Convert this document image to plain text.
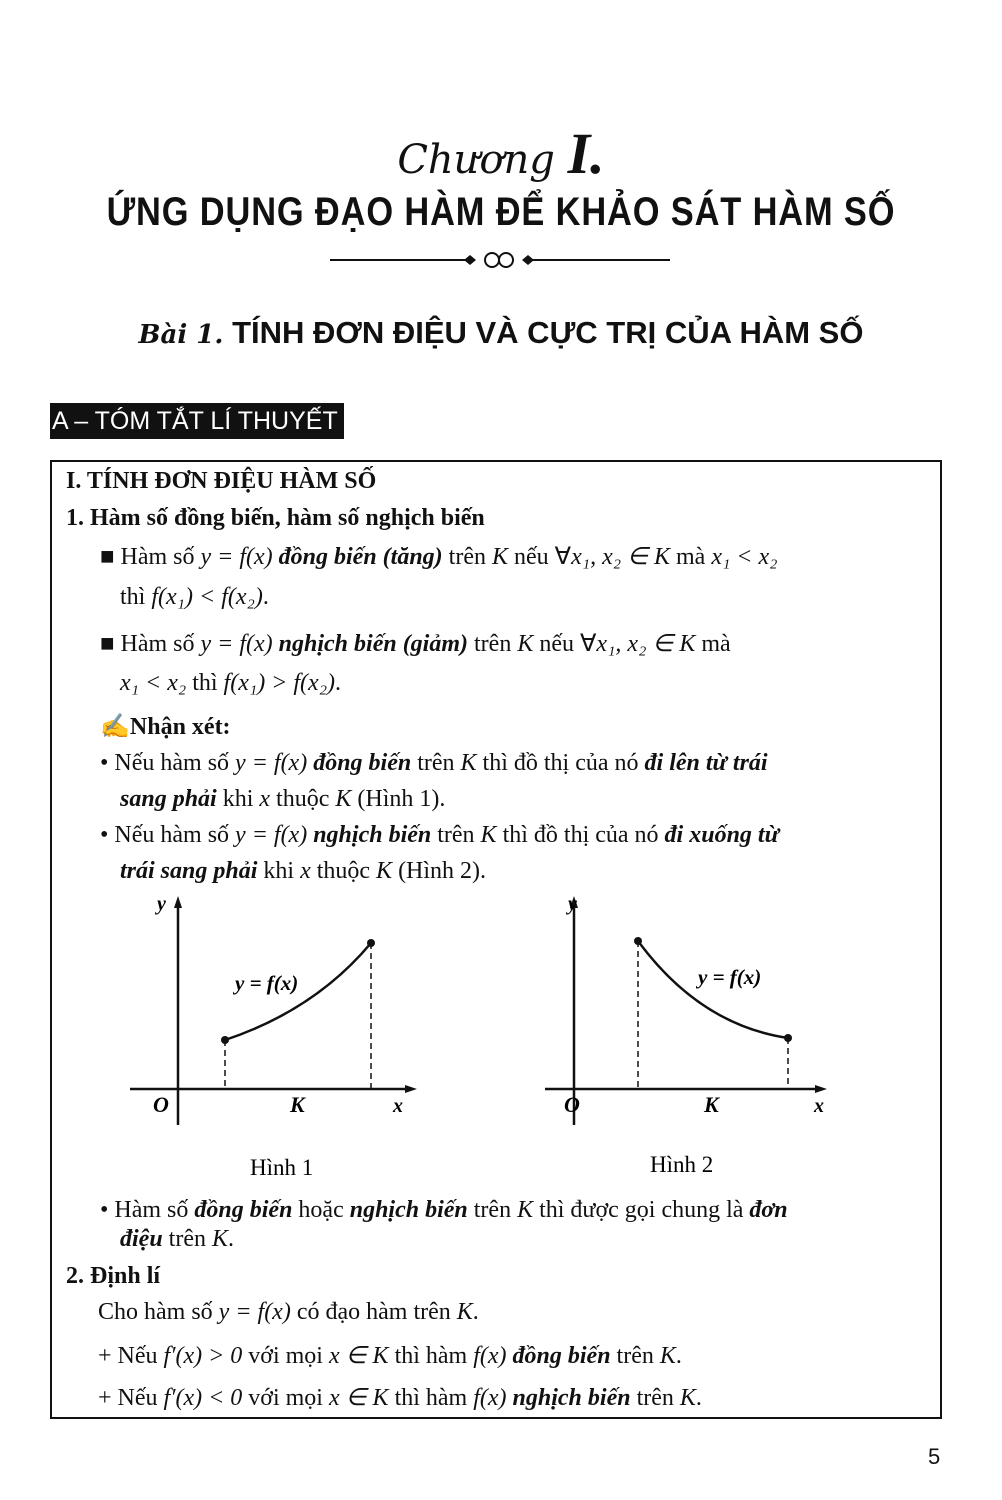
Chương I.
ỨNG DỤNG ĐẠO HÀM ĐỂ KHẢO SÁT HÀM SỐ
Bài 1. TÍNH ĐƠN ĐIỆU VÀ CỰC TRỊ CỦA HÀM SỐ
A – TÓM TẮT LÍ THUYẾT
I. TÍNH ĐƠN ĐIỆU HÀM SỐ
1. Hàm số đồng biến, hàm số nghịch biến
■ Hàm số y = f(x) đồng biến (tăng) trên K nếu ∀x₁, x₂ ∈ K mà x₁ < x₂
thì f(x₁) < f(x₂).
■ Hàm số y = f(x) nghịch biến (giảm) trên K nếu ∀x₁, x₂ ∈ K mà
x₁ < x₂ thì f(x₁) > f(x₂).
✍Nhận xét:
• Nếu hàm số y = f(x) đồng biến trên K thì đồ thị của nó đi lên từ trái
sang phải khi x thuộc K (Hình 1).
• Nếu hàm số y = f(x) nghịch biến trên K thì đồ thị của nó đi xuống từ
trái sang phải khi x thuộc K (Hình 2).
• Hàm số đồng biến hoặc nghịch biến trên K thì được gọi chung là đơn
điệu trên K.
2. Định lí
Cho hàm số y = f(x) có đạo hàm trên K.
+ Nếu f′(x) > 0 với mọi x ∈ K thì hàm f(x) đồng biến trên K.
+ Nếu f′(x) < 0 với mọi x ∈ K thì hàm f(x) nghịch biến trên K.
y
x
O	K
y = f(x)
Hình 1
y
x
O	K
y = f(x)
Hình 2
5
